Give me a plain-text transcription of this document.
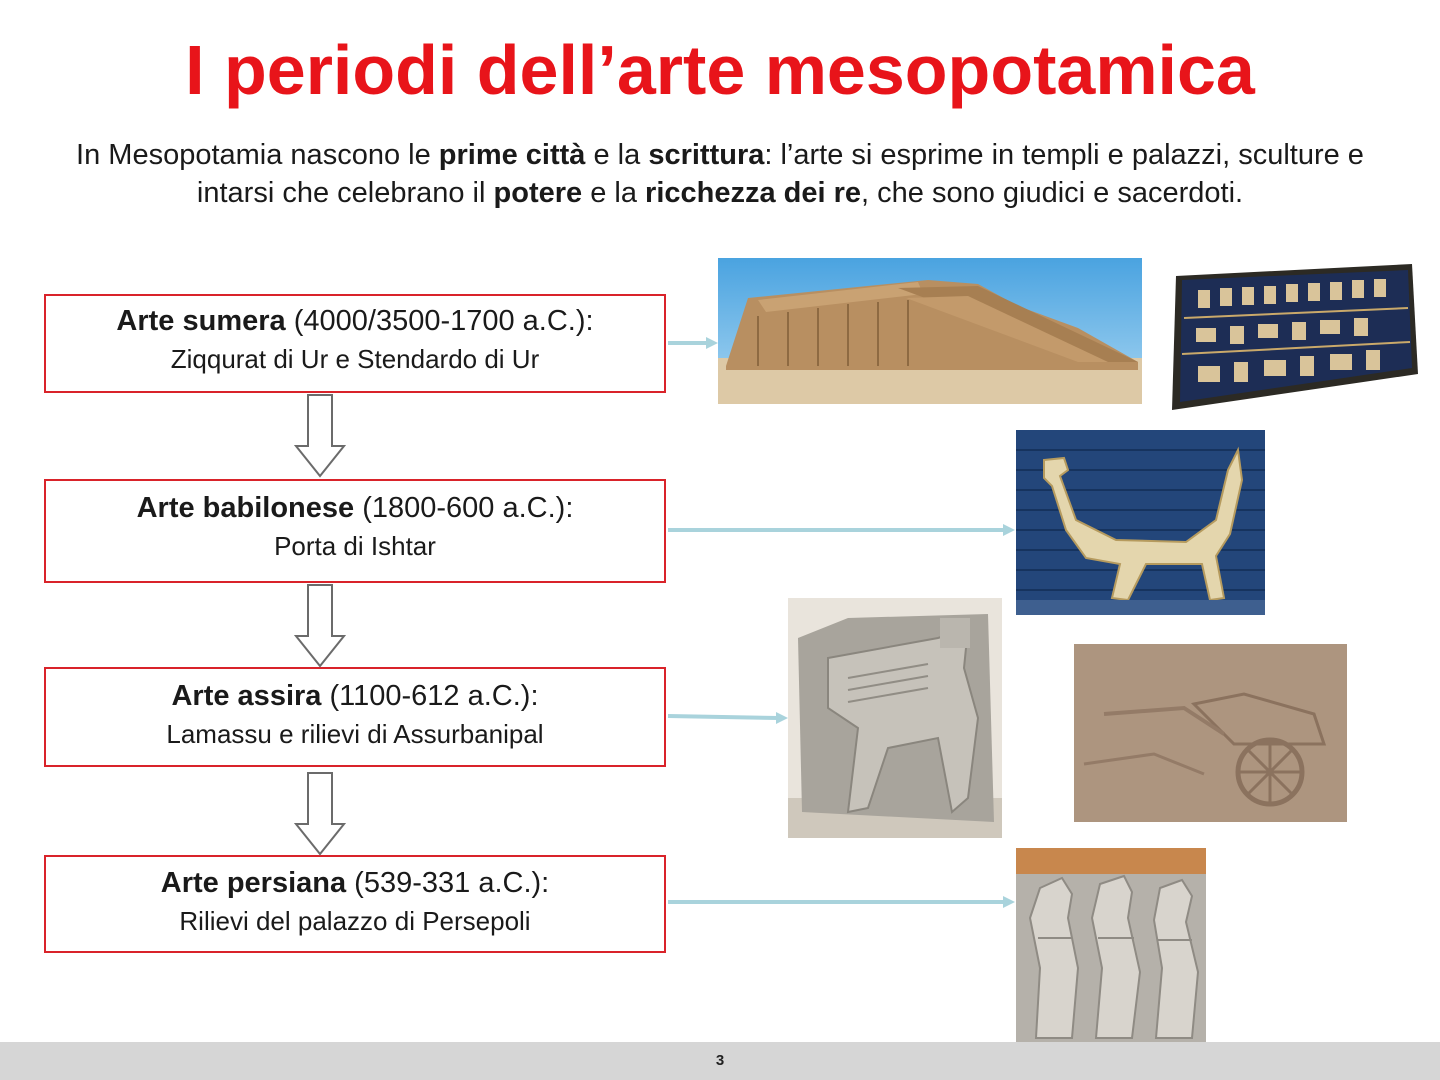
I periodi dell’arte mesopotamica
In Mesopotamia nascono le prime città e la scrittura: l’arte si esprime in templi e palazzi, sculture e intarsi che celebrano il potere e la ricchezza dei re, che sono giudici e sacerdoti.
Arte sumera (4000/3500-1700 a.C.):
Ziqqurat di Ur e Stendardo di Ur
Arte babilonese (1800-600 a.C.):
Porta di Ishtar
Arte assira (1100-612 a.C.):
Lamassu e rilievi di Assurbanipal
Arte persiana (539-331 a.C.):
Rilievi del palazzo di Persepoli
3
